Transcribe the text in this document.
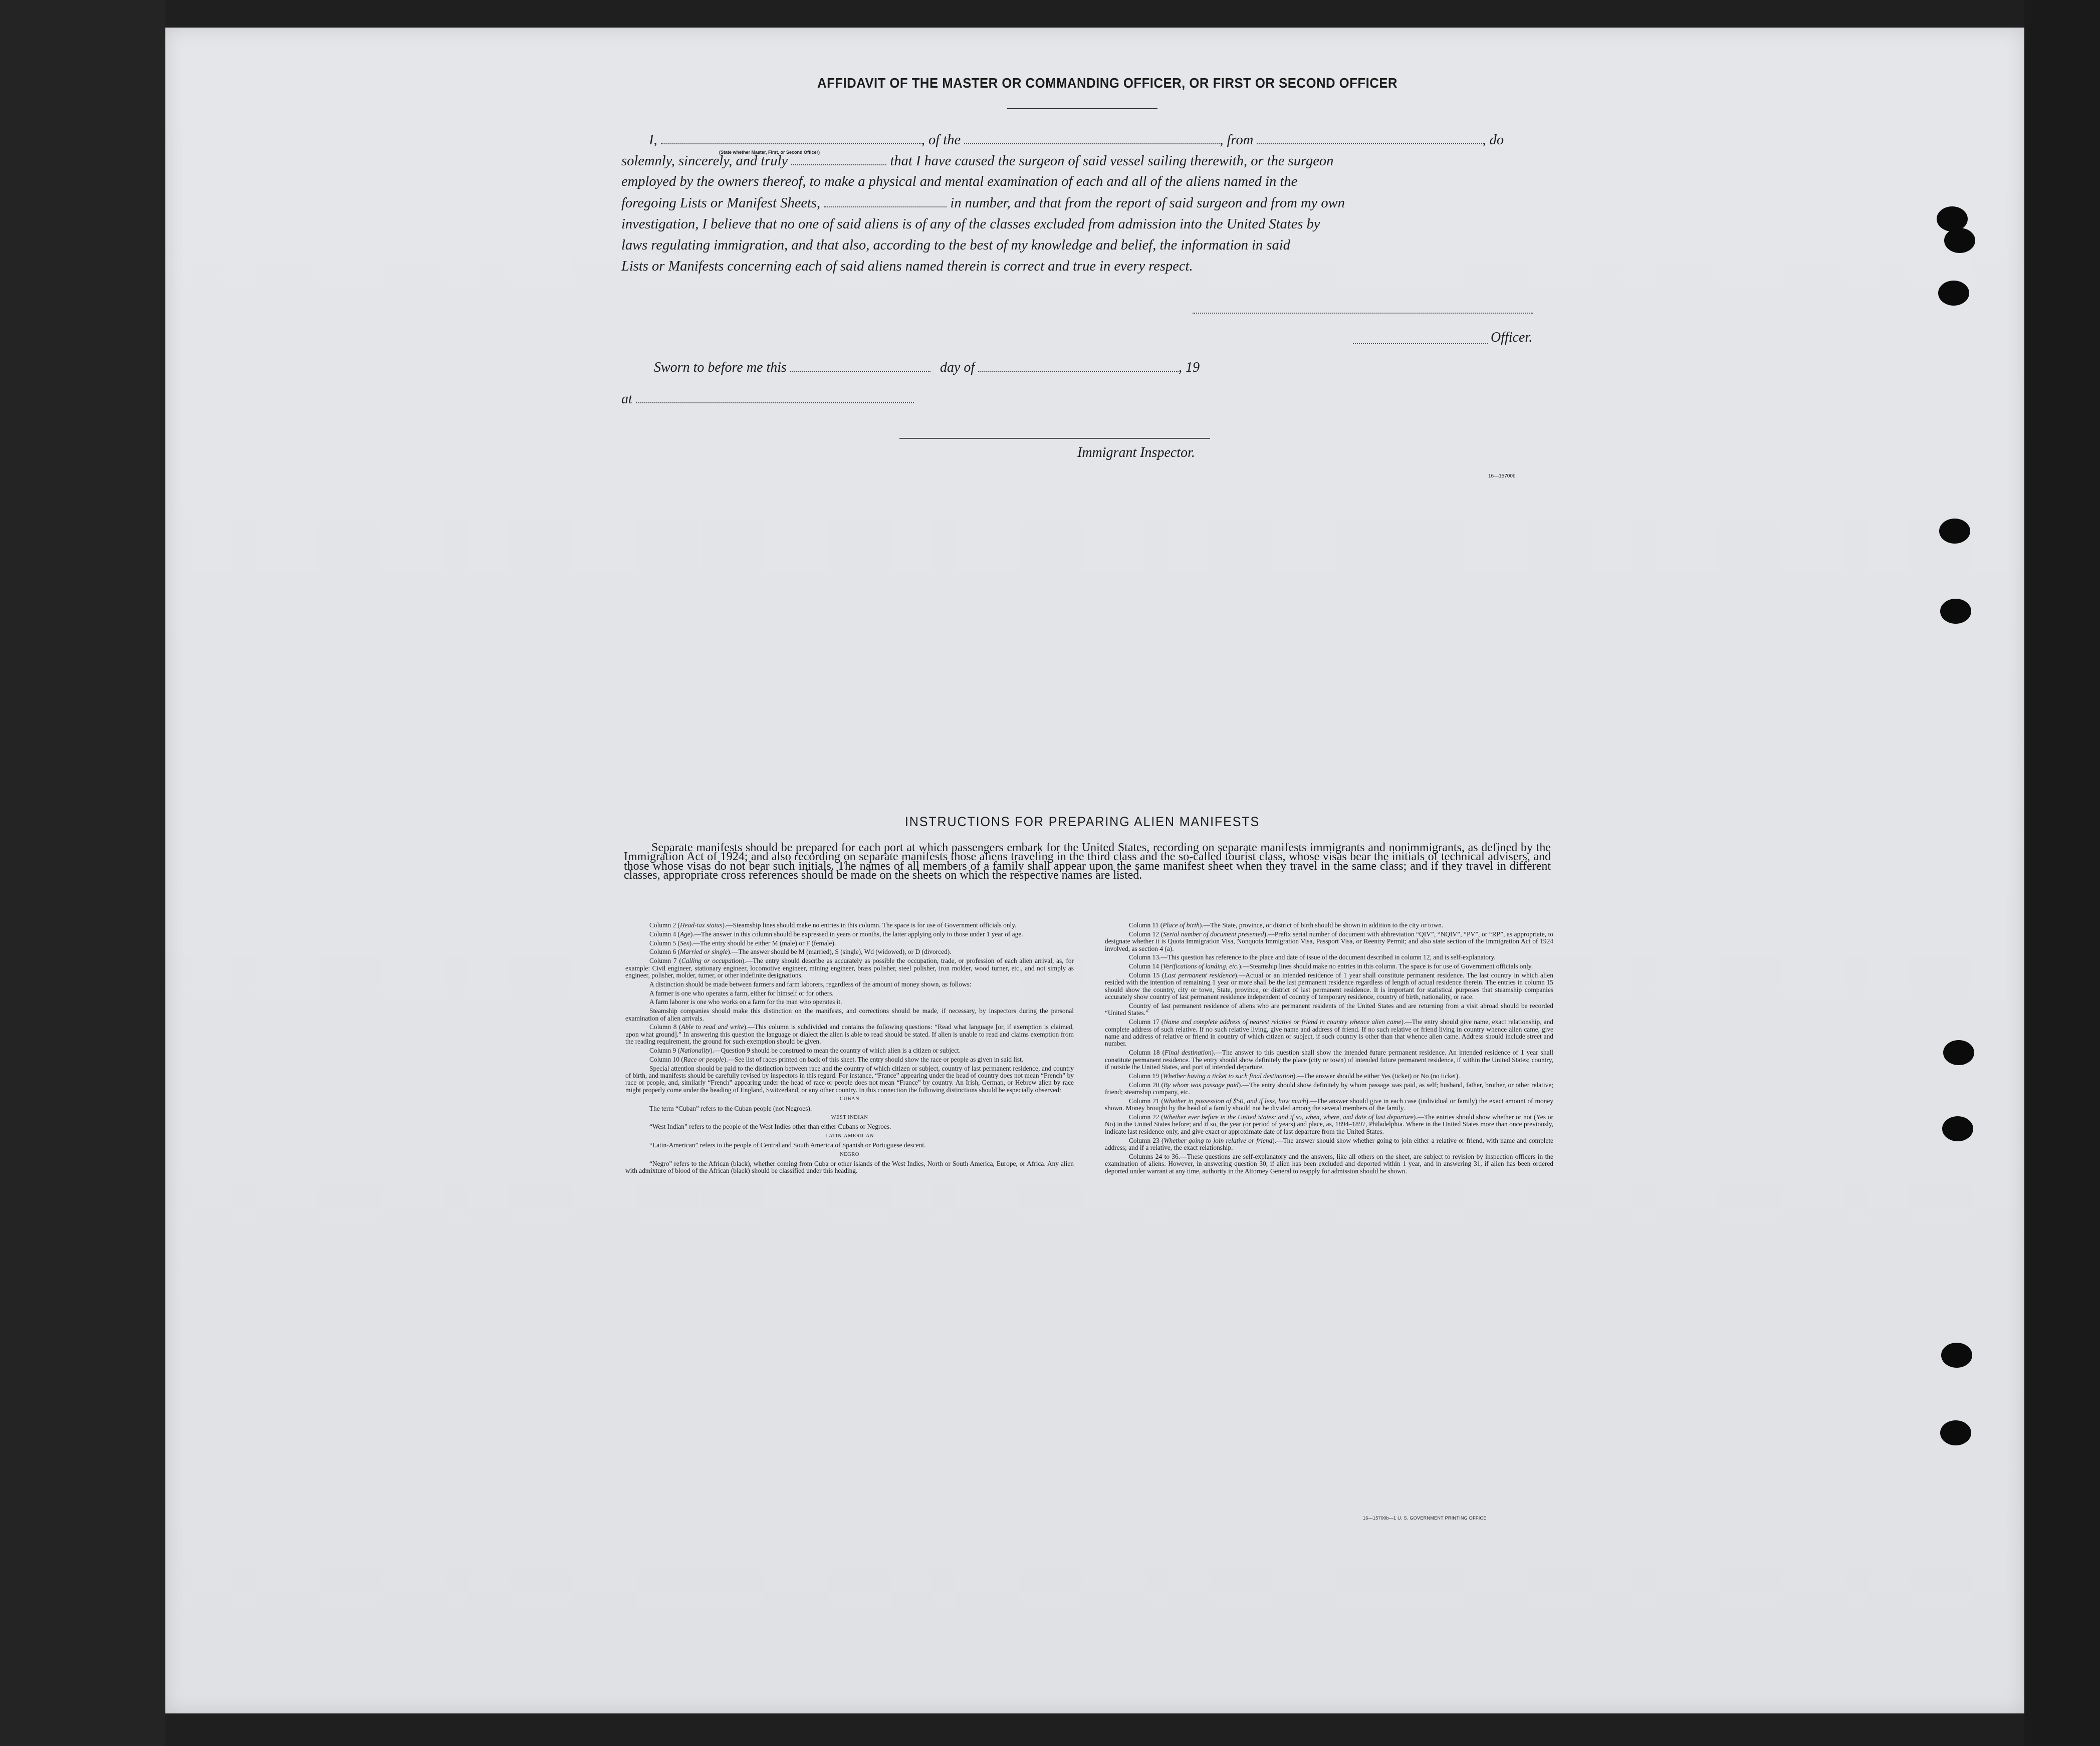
AFFIDAVIT OF THE MASTER OR COMMANDING OFFICER, OR FIRST OR SECOND OFFICER
I,	, of the	, from	, do
(State whether Master, First, or Second Officer)
solemnly, sincerely, and truly	that I have caused the surgeon of said vessel sailing therewith, or the surgeon
employed by the owners thereof, to make a physical and mental examination of each and all of the aliens named in the
foregoing Lists or Manifest Sheets,	in number, and that from the report of said surgeon and from my own
investigation, I believe that no one of said aliens is of any of the classes excluded from admission into the United States by
laws regulating immigration, and that also, according to the best of my knowledge and belief, the information in said
Lists or Manifests concerning each of said aliens named therein is correct and true in every respect.
Officer.
Sworn to before me this	day of	, 19
at
Immigrant Inspector.
16—15700b
INSTRUCTIONS FOR PREPARING ALIEN MANIFESTS
Separate manifests should be prepared for each port at which passengers embark for the United States, recording on separate manifests immigrants and nonimmigrants, as defined by the Immigration Act of 1924; and also recording on separate manifests those aliens traveling in the third class and the so-called tourist class, whose visas bear the initials of technical advisers, and those whose visas do not bear such initials. The names of all members of a family shall appear upon the same manifest sheet when they travel in the same class; and if they travel in different classes, appropriate cross references should be made on the sheets on which the respective names are listed.

Column 2 (Head-tax status).—Steamship lines should make no entries in this column. The space is for use of Government officials only.

Column 4 (Age).—The answer in this column should be expressed in years or months, the latter applying only to those under 1 year of age.

Column 5 (Sex).—The entry should be either M (male) or F (female).

Column 6 (Married or single).—The answer should be M (married), S (single), Wd (widowed), or D (divorced).

Column 7 (Calling or occupation).—The entry should describe as accurately as possible the occupation, trade, or profession of each alien arrival, as, for example: Civil engineer, stationary engineer, locomotive engineer, mining engineer, brass polisher, steel polisher, iron molder, wood turner, etc., and not simply as engineer, polisher, molder, turner, or other indefinite designations.

A distinction should be made between farmers and farm laborers, regardless of the amount of money shown, as follows:

A farmer is one who operates a farm, either for himself or for others.

A farm laborer is one who works on a farm for the man who operates it.

Steamship companies should make this distinction on the manifests, and corrections should be made, if necessary, by inspectors during the personal examination of alien arrivals.

Column 8 (Able to read and write).—This column is subdivided and contains the following questions: “Read what language [or, if exemption is claimed, upon what ground].” In answering this question the language or dialect the alien is able to read should be stated. If alien is unable to read and claims exemption from the reading requirement, the ground for such exemption should be given.

Column 9 (Nationality).—Question 9 should be construed to mean the country of which alien is a citizen or subject.

Column 10 (Race or people).—See list of races printed on back of this sheet. The entry should show the race or people as given in said list.

Special attention should be paid to the distinction between race and the country of which citizen or subject, country of last permanent residence, and country of birth, and manifests should be carefully revised by inspectors in this regard. For instance, “France” appearing under the head of country does not mean “French” by race or people, and, similarly “French” appearing under the head of race or people does not mean “France” by country. An Irish, German, or Hebrew alien by race might properly come under the heading of England, Switzerland, or any other country. In this connection the following distinctions should be especially observed:

CUBAN

The term “Cuban” refers to the Cuban people (not Negroes).

WEST INDIAN

“West Indian” refers to the people of the West Indies other than either Cubans or Negroes.

LATIN-AMERICAN

“Latin-American” refers to the people of Central and South America of Spanish or Portuguese descent.

NEGRO

“Negro” refers to the African (black), whether coming from Cuba or other islands of the West Indies, North or South America, Europe, or Africa. Any alien with admixture of blood of the African (black) should be classified under this heading.

Column 11 (Place of birth).—The State, province, or district of birth should be shown in addition to the city or town.

Column 12 (Serial number of document presented).—Prefix serial number of document with abbreviation “QIV”, “NQIV”, “PV”, or “RP”, as appropriate, to designate whether it is Quota Immigration Visa, Nonquota Immigration Visa, Passport Visa, or Reentry Permit; and also state section of the Immigration Act of 1924 involved, as section 4 (a).

Column 13.—This question has reference to the place and date of issue of the document described in column 12, and is self-explanatory.

Column 14 (Verifications of landing, etc.).—Steamship lines should make no entries in this column. The space is for use of Government officials only.

Column 15 (Last permanent residence).—Actual or an intended residence of 1 year shall constitute permanent residence. The last country in which alien resided with the intention of remaining 1 year or more shall be the last permanent residence regardless of length of actual residence therein. The entries in column 15 should show the country, city or town, State, province, or district of last permanent residence. It is important for statistical purposes that steamship companies accurately show country of last permanent residence independent of country of temporary residence, country of birth, nationality, or race.

Country of last permanent residence of aliens who are permanent residents of the United States and are returning from a visit abroad should be recorded “United States.”

Column 17 (Name and complete address of nearest relative or friend in country whence alien came).—The entry should give name, exact relationship, and complete address of such relative. If no such relative living, give name and address of friend. If no such relative or friend living in country whence alien came, give name and address of relative or friend in country of which citizen or subject, if such country is other than that whence alien came. Address should include street and number.

Column 18 (Final destination).—The answer to this question shall show the intended future permanent residence. An intended residence of 1 year shall constitute permanent residence. The entry should show definitely the place (city or town) of intended future permanent residence, if within the United States; country, if outside the United States, and port of intended departure.

Column 19 (Whether having a ticket to such final destination).—The answer should be either Yes (ticket) or No (no ticket).

Column 20 (By whom was passage paid).—The entry should show definitely by whom passage was paid, as self; husband, father, brother, or other relative; friend; steamship company, etc.

Column 21 (Whether in possession of $50, and if less, how much).—The answer should give in each case (individual or family) the exact amount of money shown. Money brought by the head of a family should not be divided among the several members of the family.

Column 22 (Whether ever before in the United States; and if so, when, where, and date of last departure).—The entries should show whether or not (Yes or No) in the United States before; and if so, the year (or period of years) and place, as, 1894–1897, Philadelphia. Where in the United States more than once previously, indicate last residence only, and give exact or approximate date of last departure from the United States.

Column 23 (Whether going to join relative or friend).—The answer should show whether going to join either a relative or friend, with name and complete address; and if a relative, the exact relationship.

Columns 24 to 36.—These questions are self-explanatory and the answers, like all others on the sheet, are subject to revision by inspection officers in the examination of aliens. However, in answering question 30, if alien has been excluded and deported within 1 year, and in answering 31, if alien has been ordered deported under warrant at any time, authority in the Attorney General to reapply for admission should be shown.

16—15700b—1 U. S. GOVERNMENT PRINTING OFFICE
